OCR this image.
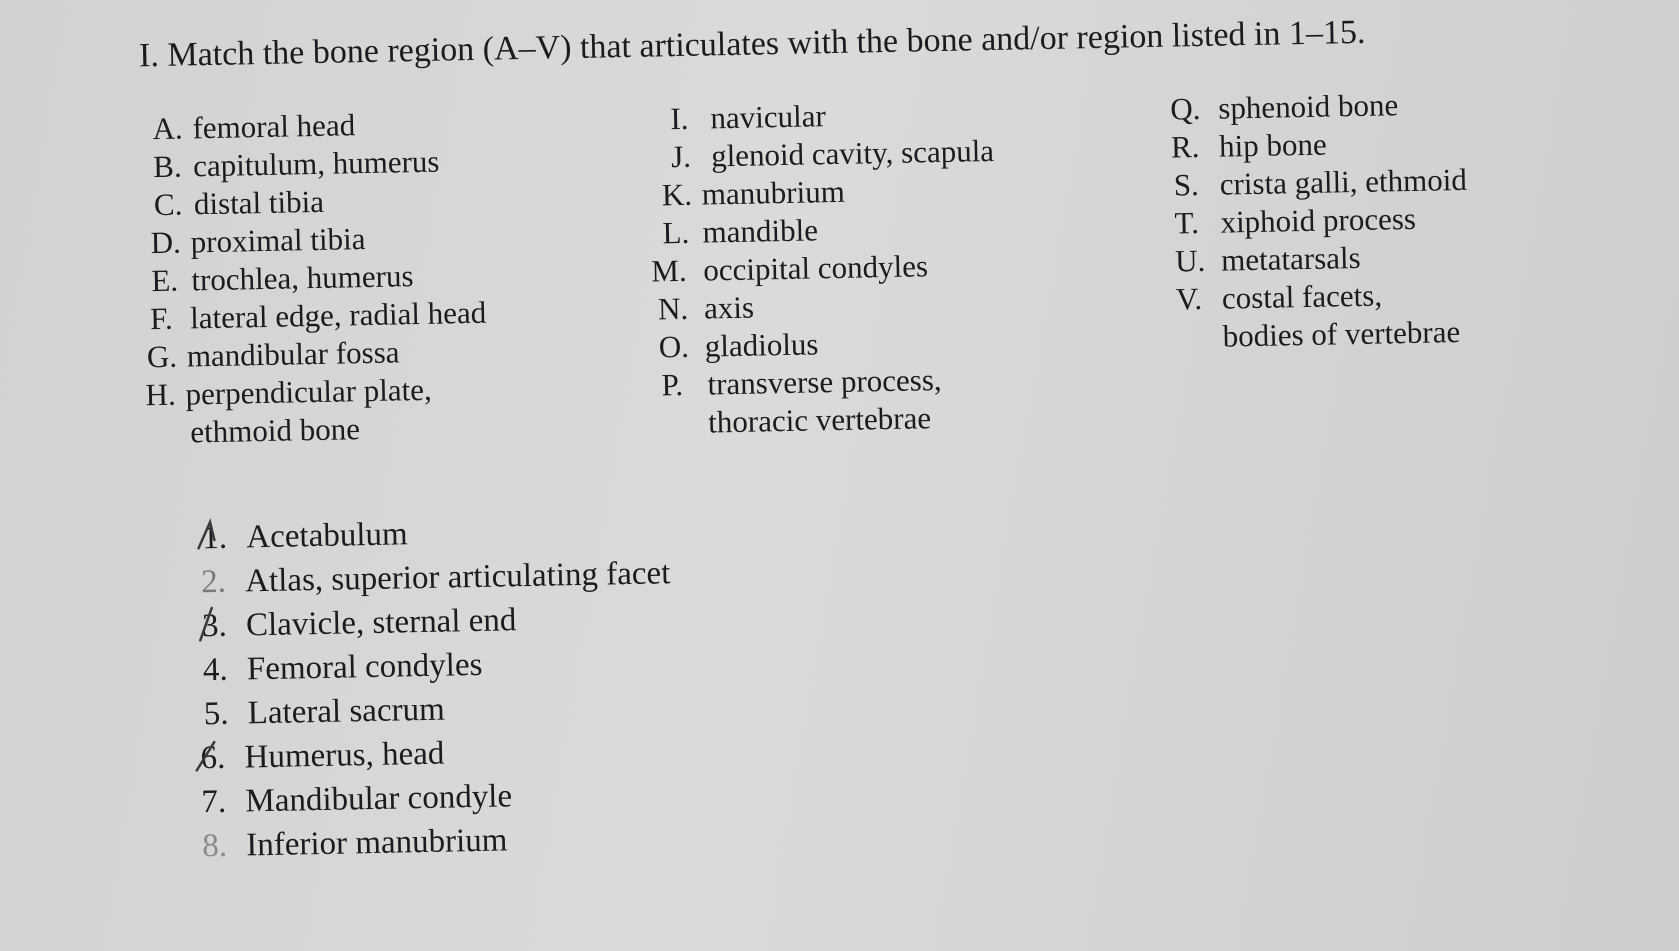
I. Match the bone region (A–V) that articulates with the bone and/or region listed in 1–15.
A. femoral head
B. capitulum, humerus
C. distal tibia
D. proximal tibia
E. trochlea, humerus
F. lateral edge, radial head
G. mandibular fossa
H. perpendicular plate,
ethmoid bone
I. navicular
J. glenoid cavity, scapula
K. manubrium
L. mandible
M. occipital condyles
N. axis
O. gladiolus
P. transverse process,
thoracic vertebrae
Q. sphenoid bone
R. hip bone
S. crista galli, ethmoid
T. xiphoid process
U. metatarsals
V. costal facets,
bodies of vertebrae
1. Acetabulum
2. Atlas, superior articulating facet
3. Clavicle, sternal end
4. Femoral condyles
5. Lateral sacrum
6. Humerus, head
7. Mandibular condyle
8. Inferior manubrium
